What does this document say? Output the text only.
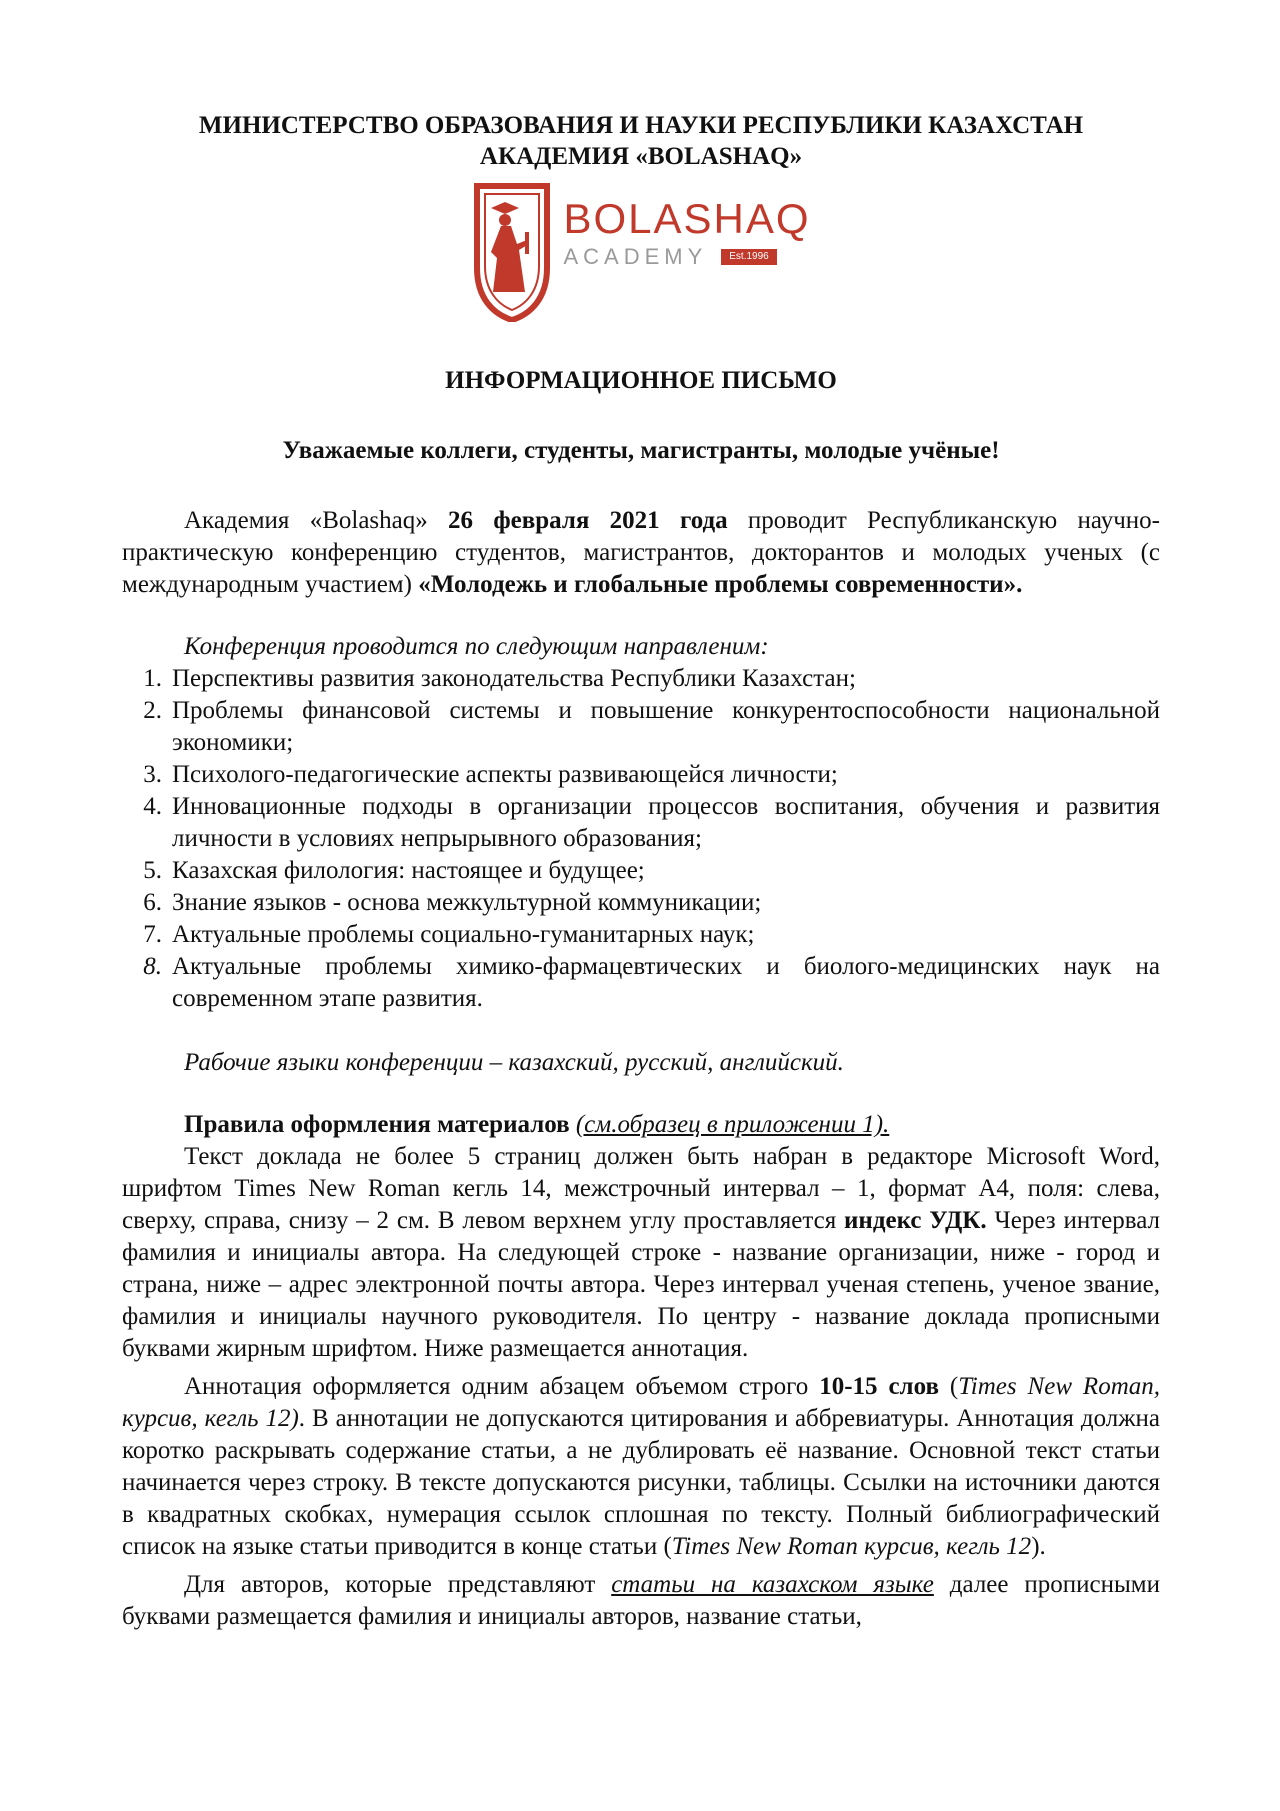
МИНИСТЕРСТВО ОБРАЗОВАНИЯ И НАУКИ РЕСПУБЛИКИ КАЗАХСТАН
АКАДЕМИЯ «BOLASHAQ»
BOLASHAQ
ACADEMY	Est.1996
ИНФОРМАЦИОННОЕ ПИСЬМО
Уважаемые коллеги, студенты, магистранты, молодые учёные!

Академия «Bolashaq» 26 февраля 2021 года проводит Республиканскую научно-практическую конференцию студентов, магистрантов, докторантов и молодых ученых (с международным участием) «Молодежь и глобальные проблемы современности».

Конференция проводится по следующим направленим:
1. Перспективы развития законодательства Республики Казахстан;
2. Проблемы финансовой системы и повышение конкурентоспособности национальной экономики;
3. Психолого-педагогические аспекты развивающейся личности;
4. Инновационные подходы в организации процессов воспитания, обучения и развития личности в условиях непрырывного образования;
5. Казахская филология: настоящее и будущее;
6. Знание языков - основа межкультурной коммуникации;
7. Актуальные проблемы социально-гуманитарных наук;
8. Актуальные проблемы химико-фармацевтических и биолого-медицинских наук на современном этапе развития.
Рабочие языки конференции – казахский, русский, английский.

Правила оформления материалов (см.образец в приложении 1).

Текст доклада не более 5 страниц должен быть набран в редакторе Microsoft Word, шрифтом Times New Roman кегль 14, межстрочный интервал – 1, формат А4, поля: слева, сверху, справа, снизу – 2 см. В левом верхнем углу проставляется индекс УДК. Через интервал фамилия и инициалы автора. На следующей строке - название организации, ниже - город и страна, ниже – адрес электронной почты автора. Через интервал ученая степень, ученое звание, фамилия и инициалы научного руководителя. По центру - название доклада прописными буквами жирным шрифтом. Ниже размещается аннотация.

Аннотация оформляется одним абзацем объемом строго 10-15 слов (Times New Roman, курсив, кегль 12). В аннотации не допускаются цитирования и аббревиатуры. Аннотация должна коротко раскрывать содержание статьи, а не дублировать её название. Основной текст статьи начинается через строку. В тексте допускаются рисунки, таблицы. Ссылки на источники даются в квадратных скобках, нумерация ссылок сплошная по тексту. Полный библиографический список на языке статьи приводится в конце статьи (Times New Roman курсив, кегль 12).

Для авторов, которые представляют статьи на казахском языке далее прописными буквами размещается фамилия и инициалы авторов, название статьи,
